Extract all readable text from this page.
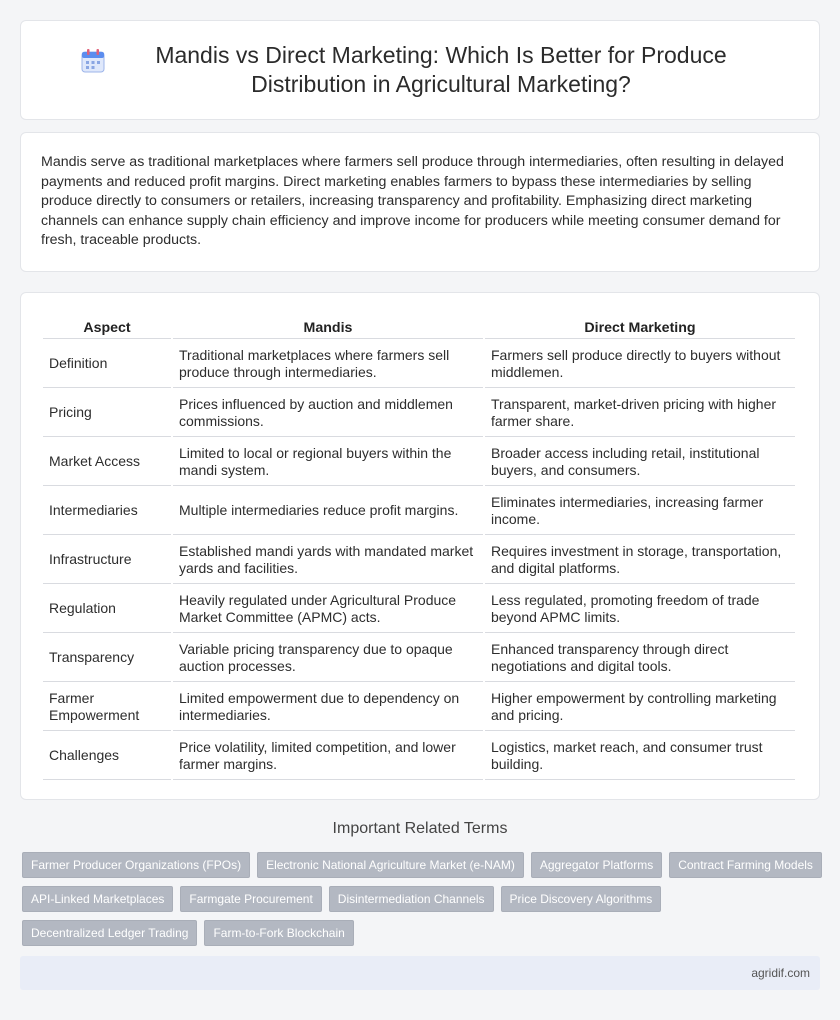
Mandis vs Direct Marketing: Which Is Better for Produce Distribution in Agricultural Marketing?

Mandis serve as traditional marketplaces where farmers sell produce through intermediaries, often resulting in delayed payments and reduced profit margins. Direct marketing enables farmers to bypass these intermediaries by selling produce directly to consumers or retailers, increasing transparency and profitability. Emphasizing direct marketing channels can enhance supply chain efficiency and improve income for producers while meeting consumer demand for fresh, traceable products.

Aspect	Mandis	Direct Marketing
Definition	Traditional marketplaces where farmers sell produce through intermediaries.	Farmers sell produce directly to buyers without middlemen.
Pricing	Prices influenced by auction and middlemen commissions.	Transparent, market-driven pricing with higher farmer share.
Market Access	Limited to local or regional buyers within the mandi system.	Broader access including retail, institutional buyers, and consumers.
Intermediaries	Multiple intermediaries reduce profit margins.	Eliminates intermediaries, increasing farmer income.
Infrastructure	Established mandi yards with mandated market yards and facilities.	Requires investment in storage, transportation, and digital platforms.
Regulation	Heavily regulated under Agricultural Produce Market Committee (APMC) acts.	Less regulated, promoting freedom of trade beyond APMC limits.
Transparency	Variable pricing transparency due to opaque auction processes.	Enhanced transparency through direct negotiations and digital tools.
Farmer Empowerment	Limited empowerment due to dependency on intermediaries.	Higher empowerment by controlling marketing and pricing.
Challenges	Price volatility, limited competition, and lower farmer margins.	Logistics, market reach, and consumer trust building.
Important Related Terms
Farmer Producer Organizations (FPOs)	Electronic National Agriculture Market (e-NAM)	Aggregator Platforms	Contract Farming Models
API-Linked Marketplaces	Farmgate Procurement	Disintermediation Channels	Price Discovery Algorithms
Decentralized Ledger Trading	Farm-to-Fork Blockchain
agridif.com
